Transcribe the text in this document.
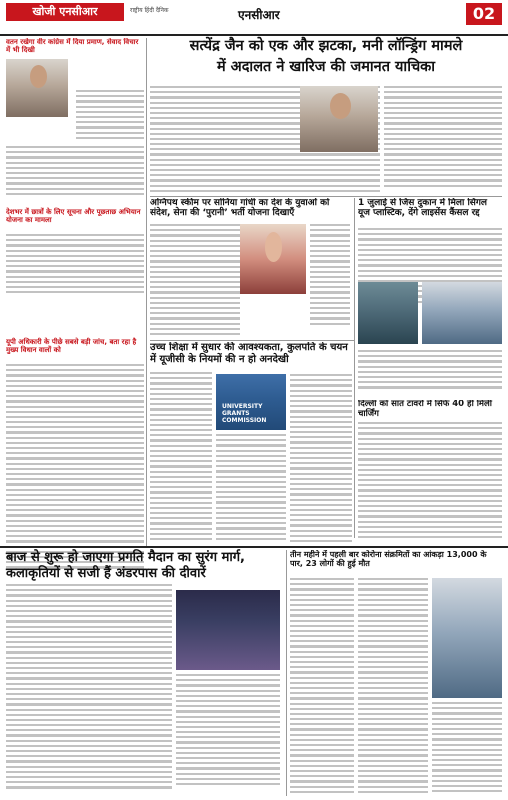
खोजी एनसीआर	राष्ट्रीय हिंदी दैनिक	एनसीआर	02
वतन रखेगा वीर कांग्रेस में दिया प्रमाण, सेवाद विचार में भी दिखी
देशभर में छात्रों के लिए सूचना और पूछताछ अभियान योजना का मामला
यूपी अधिकारी के पीछे सबसे बड़ी जांच, बता रहा है मुख्य विधान वालों को
सत्येंद्र जैन को एक और झटका, मनी लॉन्ड्रिंग मामले
में अदालत ने खारिज की जमानत याचिका
अग्निपथ स्कीम पर सोनिया गांधी का देश के युवाओं को संदेश, सेना की ‘पुरानी’ भर्ती योजना दिखाएँ
1 जुलाई से जिस दुकान में मिला सिंगल यूज प्लास्टिक, देंगे लाइसेंस कैंसल रद्द
दिल्ली को सात टावरों में सिर्फ 40 ही मिली चार्जिंग
उच्च शिक्षा में सुधार की आवश्यकता, कुलपति के चयन
में यूजीसी के नियमों की न हो अनदेखी
UNIVERSITY GRANTS COMMISSION
बाज से शुरू हो जाएगा प्रगति मैदान का सुरंग मार्ग,
कलाकृतियों से सजी हैं अंडरपास की दीवारें
तीन महीने में पहली बार कोरोना संक्रमितों का आंकड़ा 13,000 के पार, 23 लोगों की हुई मौत
